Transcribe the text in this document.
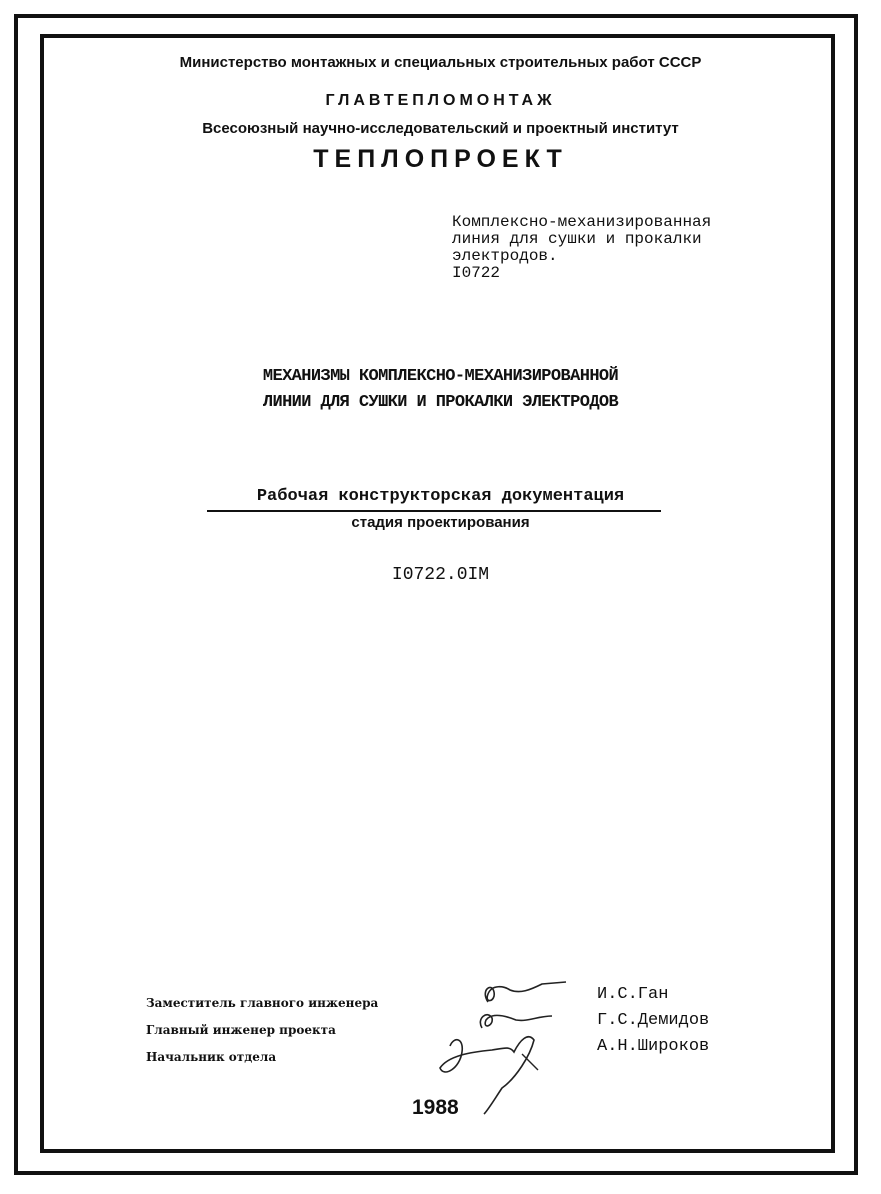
Министерство монтажных и специальных строительных работ СССР
ГЛАВТЕПЛОМОНТАЖ
Всесоюзный научно-исследовательский и проектный институт
ТЕПЛОПРОЕКТ
Комплексно-механизированная
линия для сушки и прокалки
электродов.
I0722
МЕХАНИЗМЫ КОМПЛЕКСНО-МЕХАНИЗИРОВАННОЙ
ЛИНИИ ДЛЯ СУШКИ И ПРОКАЛКИ ЭЛЕКТРОДОВ
Рабочая конструкторская документация
стадия проектирования
I0722.0IM
Заместитель главного инженера
Главный инженер проекта
Начальник отдела
И.С.Ган
Г.С.Демидов
А.Н.Широков
1988
